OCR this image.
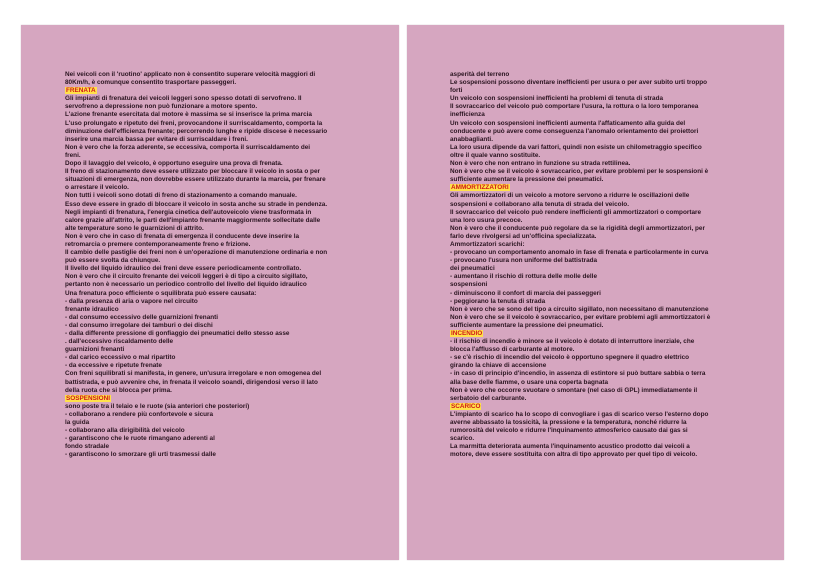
Nei veicoli con il 'ruotino' applicato non è consentito superare velocità maggiori di
80Km/h, è comunque consentito trasportare passeggeri.
FRENATA
Gli impianti di frenatura dei veicoli leggeri sono spesso dotati di servofreno. Il
servofreno a depressione non può funzionare a motore spento.
L'azione frenante esercitata dal motore è massima se si inserisce la prima marcia
L'uso prolungato e ripetuto dei freni, provocandone il surriscaldamento, comporta la
diminuzione dell'efficienza frenante; percorrendo lunghe e ripide discese è necessario
inserire una marcia bassa per evitare di surriscaldare i freni.
Non è vero che la forza aderente, se eccessiva, comporta il surriscaldamento dei
freni.
Dopo il lavaggio del veicolo, è opportuno eseguire una prova di frenata.
Il freno di stazionamento deve essere utilizzato per bloccare il veicolo in sosta o per
situazioni di emergenza, non dovrebbe essere utilizzato durante la marcia, per frenare
o arrestare il veicolo.
Non tutti i veicoli sono dotati di freno di stazionamento a comando manuale.
Esso deve essere in grado di bloccare il veicolo in sosta anche su strade in pendenza.
Negli impianti di frenatura, l'energia cinetica dell'autoveicolo viene trasformata in
calore grazie all'attrito, le parti dell'impianto frenante maggiormente sollecitate dalle
alte temperature sono le guarnizioni di attrito.
Non è vero che in caso di frenata di emergenza il conducente deve inserire la
retromarcia o premere contemporaneamente freno e frizione.
Il cambio delle pastiglie dei freni non è un'operazione di manutenzione ordinaria e non
può essere svolta da chiunque.
Il livello del liquido idraulico dei freni deve essere periodicamente controllato.
Non è vero che il circuito frenante dei veicoli leggeri è di tipo a circuito sigillato,
pertanto non è necessario un periodico controllo del livello del liquido idraulico
Una frenatura poco efficiente o squilibrata può essere causata:
- dalla presenza di aria o vapore nel circuito
frenante idraulico
- dal consumo eccessivo delle guarnizioni frenanti
- dal consumo irregolare dei tamburi o dei dischi
- dalla differente pressione di gonfiaggio dei pneumatici dello stesso asse
. dall'eccessivo riscaldamento delle
guarnizioni frenanti
- dal carico eccessivo o mal ripartito
- da eccessive e ripetute frenate
Con freni squilibrati si manifesta, in genere, un'usura irregolare e non omogenea del
battistrada, e può avvenire che, in frenata il veicolo soandi, dirigendosi verso il lato
della ruota che si blocca per prima.
SOSPENSIONI
sono poste tra il telaio e le ruote (sia anteriori che posteriori)
- collaborano a rendere più confortevole e sicura
la guida
- collaborano alla dirigibilità del veicolo
- garantiscono che le ruote rimangano aderenti al
fondo stradale
- garantiscono lo smorzare gli urti trasmessi dalle
asperità del terreno
Le sospensioni possono diventare inefficienti per usura o per aver subito urti troppo
forti
Un veicolo con sospensioni inefficienti ha problemi di tenuta di strada
Il sovraccarico del veicolo può comportare l'usura, la rottura o la loro temporanea
inefficienza
Un veicolo con sospensioni inefficienti aumenta l'affaticamento alla guida del
conducente e può avere come conseguenza l'anomalo orientamento dei proiettori
anabbaglianti.
La loro usura dipende da vari fattori, quindi non esiste un chilometraggio specifico
oltre il quale vanno sostituite.
Non è vero che non entrano in funzione su strada rettilinea.
Non è vero che se il veicolo è sovraccarico, per evitare problemi per le sospensioni è
sufficiente aumentare la pressione dei pneumatici.
AMMORTIZZATORI
Gli ammortizzatori di un veicolo a motore servono a ridurre le oscillazioni delle
sospensioni e collaborano alla tenuta di strada del veicolo.
Il sovraccarico del veicolo può rendere inefficienti gli ammortizzatori o comportare
una loro usura precoce.
Non è vero che il conducente può regolare da se la rigidità degli ammortizzatori, per
farlo deve rivolgersi ad un'officina specializzata.
Ammortizzatori scarichi:
- provocano un comportamento anomalo in fase di frenata e particolarmente in curva
- provocano l'usura non uniforme del battistrada
dei pneumatici
- aumentano il rischio di rottura delle molle delle
sospensioni
- diminuiscono il confort di marcia dei passeggeri
- peggiorano la tenuta di strada
Non è vero che se sono del tipo a circuito sigillato, non necessitano di manutenzione
Non è vero che se il veicolo è sovraccarico, per evitare problemi agli ammortizzatori è
sufficiente aumentare la pressione dei pneumatici.
INCENDIO
- il rischio di incendio è minore se il veicolo è dotato di interruttore inerziale, che
blocca l'afflusso di carburante al motore.
- se c'è rischio di incendio del veicolo è opportuno spegnere il quadro elettrico
girando la chiave di accensione
- in caso di principio d'incendio, in assenza di estintore si può buttare sabbia o terra
alla base delle fiamme, o usare una coperta bagnata
Non è vero che occorre svuotare o smontare (nel caso di GPL) immediatamente il
serbatoio del carburante.
SCARICO
L'impianto di scarico ha lo scopo di convogliare i gas di scarico verso l'esterno dopo
averne abbassato la tossicità, la pressione e la temperatura, nonché ridurre la
rumorosità del veicolo e ridurre l'inquinamento atmosferico causato dai gas si
scarico.
La marmitta deteriorata aumenta l'inquinamento acustico prodotto dai veicoli a
motore, deve essere sostituita con altra di tipo approvato per quel tipo di veicolo.
